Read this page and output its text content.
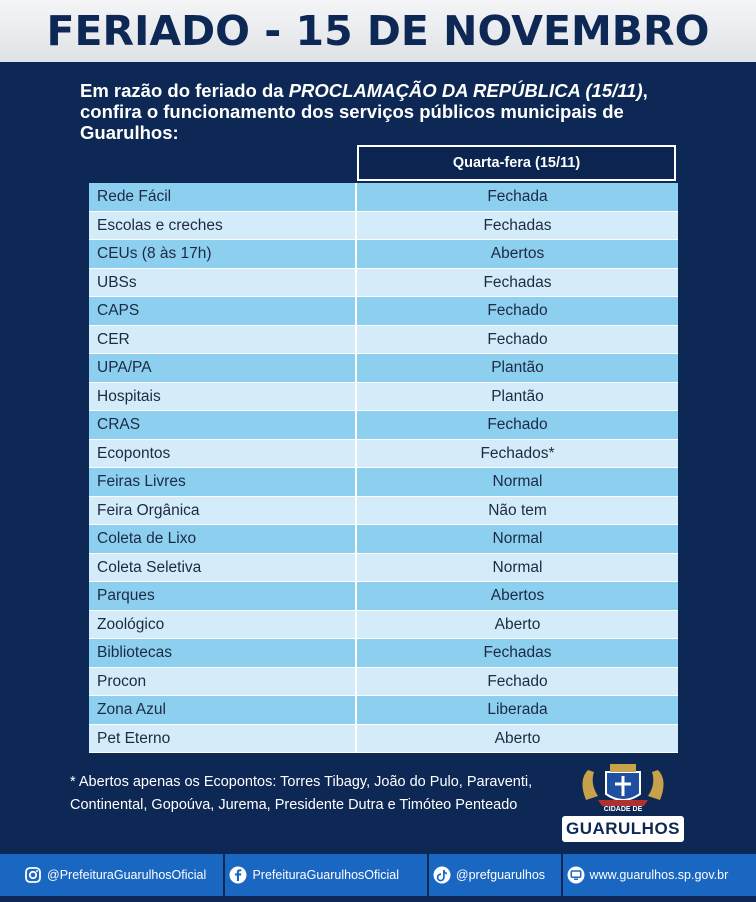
FERIADO - 15 DE NOVEMBRO
Em razão do feriado da PROCLAMAÇÃO DA REPÚBLICA (15/11), confira o funcionamento dos serviços públicos municipais de Guarulhos:
Quarta-fera (15/11)
Rede Fácil	Fechada
Escolas e creches	Fechadas
CEUs (8 às 17h)	Abertos
UBSs	Fechadas
CAPS	Fechado
CER	Fechado
UPA/PA	Plantão
Hospitais	Plantão
CRAS	Fechado
Ecopontos	Fechados*
Feiras Livres	Normal
Feira Orgânica	Não tem
Coleta de Lixo	Normal
Coleta Seletiva	Normal
Parques	Abertos
Zoológico	Aberto
Bibliotecas	Fechadas
Procon	Fechado
Zona Azul	Liberada
Pet Eterno	Aberto
* Abertos apenas os Ecopontos: Torres Tibagy, João do Pulo, Paraventi, Continental, Gopoúva, Jurema, Presidente Dutra e Timóteo Penteado	CIDADE DE
GUARULHOS
@PrefeituraGuarulhosOficial	PrefeituraGuarulhosOficial	@prefguarulhos	www.guarulhos.sp.gov.br
